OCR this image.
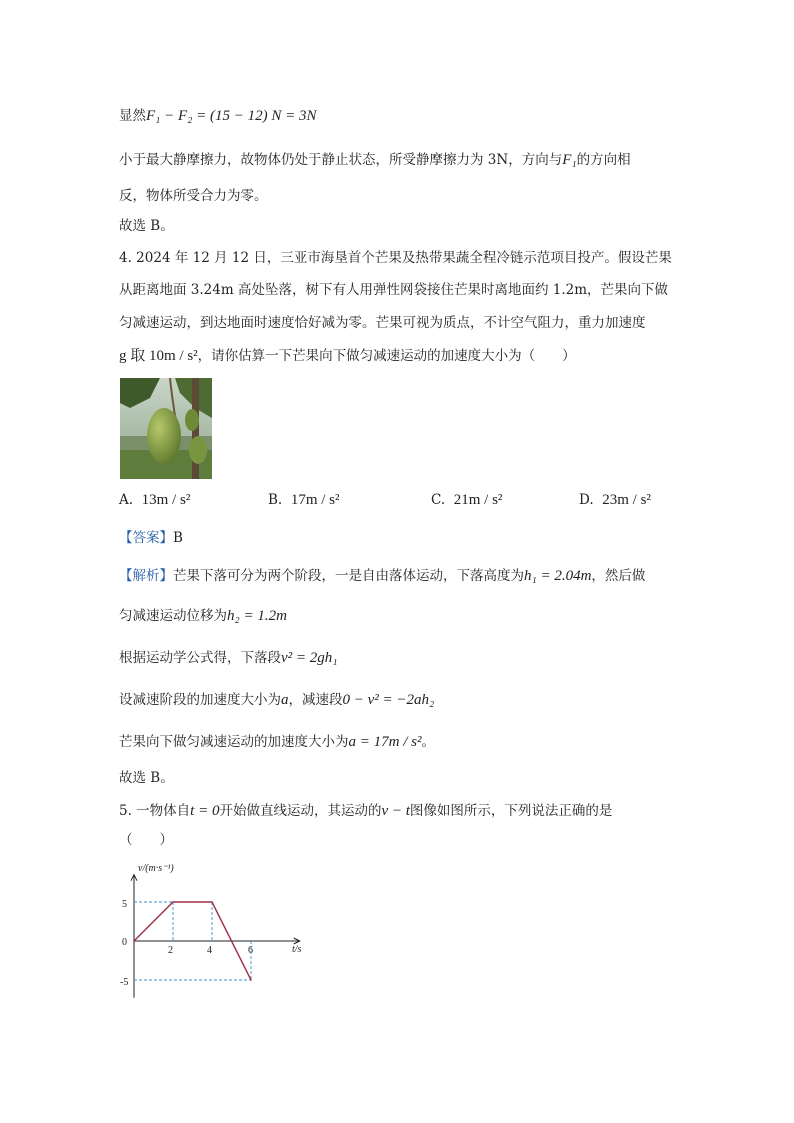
显然F₁ − F₂ = (15 − 12) N = 3N
小于最大静摩擦力，故物体仍处于静止状态，所受静摩擦力为 3N，方向与F₁的方向相
反，物体所受合力为零。
故选 B。
4. 2024 年 12 月 12 日，三亚市海垦首个芒果及热带果蔬全程冷链示范项目投产。假设芒果
从距离地面 3.24m 高处坠落，树下有人用弹性网袋接住芒果时离地面约 1.2m，芒果向下做
匀减速运动，到达地面时速度恰好减为零。芒果可视为质点，不计空气阻力，重力加速度
g 取 10m / s²，请你估算一下芒果向下做匀减速运动的加速度大小为（　　）
A. 13m / s²	B. 17m / s²	C. 21m / s²	D. 23m / s²
【答案】B
【解析】芒果下落可分为两个阶段，一是自由落体运动，下落高度为h₁ = 2.04m，然后做
匀减速运动位移为h₂ = 1.2m
根据运动学公式得，下落段v² = 2gh₁
设减速阶段的加速度大小为a，减速段0 − v² = −2ah₂
芒果向下做匀减速运动的加速度大小为a = 17m / s²。
故选 B。
5. 一物体自t = 0开始做直线运动，其运动的v − t图像如图所示，下列说法正确的是
（　　）
v/(m·s⁻¹)
t/s
5
0
-5
2	4	6
